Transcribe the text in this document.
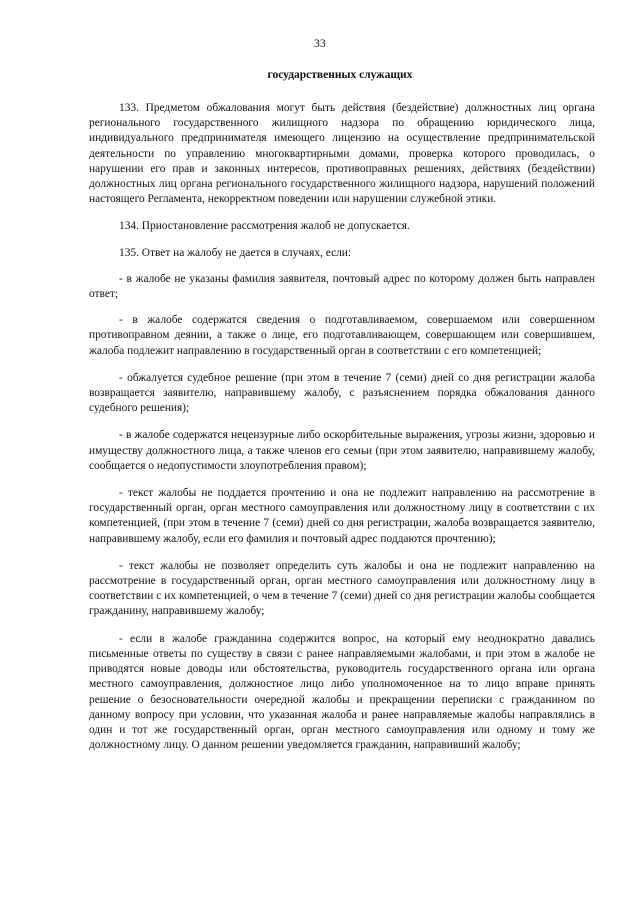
33
государственных служащих

133. Предметом обжалования могут быть действия (бездействие) должностных лиц органа регионального государственного жилищного надзора по обращению юридического лица, индивидуального предпринимателя имеющего лицензию на осуществление предпринимательской деятельности по управлению многоквартирными домами, проверка которого проводилась, о нарушении его прав и законных интересов, противоправных решениях, действиях (бездействии) должностных лиц органа регионального государственного жилищного надзора, нарушений положений настоящего Регламента, некорректном поведении или нарушении служебной этики.

134. Приостановление рассмотрения жалоб не допускается.

135. Ответ на жалобу не дается в случаях, если:

- в жалобе не указаны фамилия заявителя, почтовый адрес по которому должен быть направлен ответ;

- в жалобе содержатся сведения о подготавливаемом, совершаемом или совершенном противоправном деянии, а также о лице, его подготавливающем, совершающем или совершившем, жалоба подлежит направлению в государственный орган в соответствии с его компетенцией;

- обжалуется судебное решение (при этом в течение 7 (семи) дней со дня регистрации жалоба возвращается заявителю, направившему жалобу, с разъяснением порядка обжалования данного судебного решения);

- в жалобе содержатся нецензурные либо оскорбительные выражения, угрозы жизни, здоровью и имуществу должностного лица, а также членов его семьи (при этом заявителю, направившему жалобу, сообщается о недопустимости злоупотребления правом);

- текст жалобы не поддается прочтению и она не подлежит направлению на рассмотрение в государственный орган, орган местного самоуправления или должностному лицу в соответствии с их компетенцией, (при этом в течение 7 (семи) дней со дня регистрации, жалоба возвращается заявителю, направившему жалобу, если его фамилия и почтовый адрес поддаются прочтению);

- текст жалобы не позволяет определить суть жалобы и она не подлежит направлению на рассмотрение в государственный орган, орган местного самоуправления или должностному лицу в соответствии с их компетенцией, о чем в течение 7 (семи) дней со дня регистрации жалобы сообщается гражданину, направившему жалобу;

- если в жалобе гражданина содержится вопрос, на который ему неоднократно давались письменные ответы по существу в связи с ранее направляемыми жалобами, и при этом в жалобе не приводятся новые доводы или обстоятельства, руководитель государственного органа или органа местного самоуправления, должностное лицо либо уполномоченное на то лицо вправе принять решение о безосновательности очередной жалобы и прекращении переписки с гражданином по данному вопросу при условии, что указанная жалоба и ранее направляемые жалобы направлялись в один и тот же государственный орган, орган местного самоуправления или одному и тому же должностному лицу. О данном решении уведомляется гражданин, направивший жалобу;
